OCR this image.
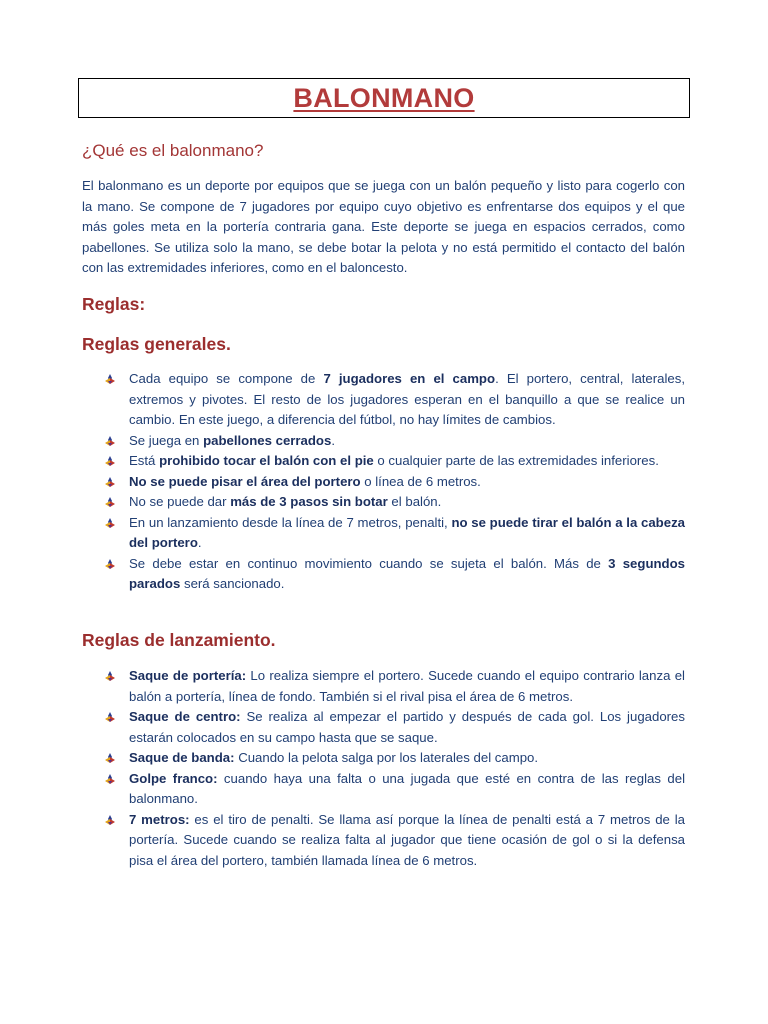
BALONMANO
¿Qué es el balonmano?

El balonmano es un deporte por equipos que se juega con un balón pequeño y listo para cogerlo con la mano. Se compone de 7 jugadores por equipo cuyo objetivo es enfrentarse dos equipos y el que más goles meta en la portería contraria gana. Este deporte se juega en espacios cerrados, como pabellones. Se utiliza solo la mano, se debe botar la pelota y no está permitido el contacto del balón con las extremidades inferiores, como en el baloncesto.

Reglas:
Reglas generales.
Cada equipo se compone de 7 jugadores en el campo. El portero, central, laterales, extremos y pivotes. El resto de los jugadores esperan en el banquillo a que se realice un cambio. En este juego, a diferencia del fútbol, no hay límites de cambios.
Se juega en pabellones cerrados.
Está prohibido tocar el balón con el pie o cualquier parte de las extremidades inferiores.
No se puede pisar el área del portero o línea de 6 metros.
No se puede dar más de 3 pasos sin botar el balón.
En un lanzamiento desde la línea de 7 metros, penalti, no se puede tirar el balón a la cabeza del portero.
Se debe estar en continuo movimiento cuando se sujeta el balón. Más de 3 segundos parados será sancionado.
Reglas de lanzamiento.
Saque de portería: Lo realiza siempre el portero. Sucede cuando el equipo contrario lanza el balón a portería, línea de fondo. También si el rival pisa el área de 6 metros.
Saque de centro: Se realiza al empezar el partido y después de cada gol. Los jugadores estarán colocados en su campo hasta que se saque.
Saque de banda: Cuando la pelota salga por los laterales del campo.
Golpe franco: cuando haya una falta o una jugada que esté en contra de las reglas del balonmano.
7 metros: es el tiro de penalti. Se llama así porque la línea de penalti está a 7 metros de la portería. Sucede cuando se realiza falta al jugador que tiene ocasión de gol o si la defensa pisa el área del portero, también llamada línea de 6 metros.
